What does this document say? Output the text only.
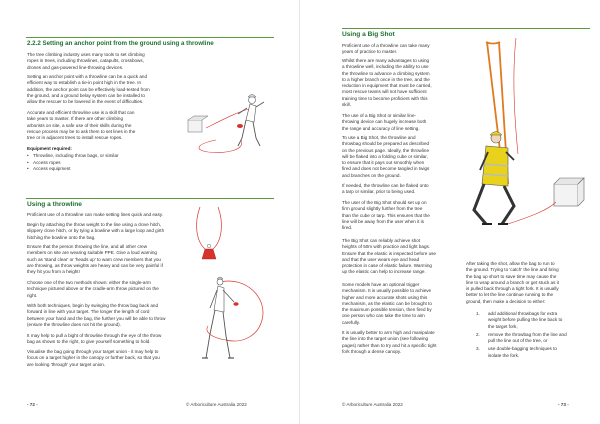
2.2.2 Setting an anchor point from the ground using a throwline
The tree climbing industry uses many tools to set climbing
ropes in trees, including throwlines, catapults, crossbows,
drones and gas-powered line-throwing devices.
Setting an anchor point with a throwline can be a quick and
efficient way to establish a tie-in point high in the tree. In
addition, the anchor point can be effectively load-tested from
the ground, and a ground belay system can be installed to
allow the rescuer to be lowered in the event of difficulties.
Accurate and efficient throwline use is a skill that can
take years to master. If there are other climbing
arborists on site, a safe use of their skills during the
rescue process may be to ask them to set lines in the
tree or in adjacent trees to install rescue ropes.
Equipment required:
• Throwline, including throw bags, or similar
• Access ropes
• Access equipment
Using a throwline
Proficient use of a throwline can make setting lines quick and easy.
Begin by attaching the throw weight to the line using a clove hitch,
slippery clove hitch, or by tying a bowline with a large loop and girth
hitching the bowline onto the bag.
Ensure that the person throwing the line, and all other crew
members on site are wearing suitable PPE. Give a loud warning
such as 'stand clear' or 'heads up' to warn crew members that you
are throwing, as throw weights are heavy and can be very painful if
they hit you from a height!
Choose one of the two methods shown: either the single-arm
technique pictured above or the cradle-arm throw pictured on the
right.
With both techniques, begin by swinging the throw bag back and
forward in line with your target. The longer the length of cord
between your hand and the bag, the further you will be able to throw
(ensure the throwline does not hit the ground).
It may help to pull a bight of throwline through the eye of the throw
bag as shown to the right, to give yourself something to hold.
Visualise the bag going through your target union - it may help to
focus on a target higher in the canopy or further back, so that you
are looking 'through' your target union.
- 72 -	© Arboriculture Australia 2022
Using a Big Shot
Proficient use of a throwline can take many
years of practice to master.
Whilst there are many advantages to using
a throwline well, including the ability to use
the throwline to advance a climbing system
to a higher branch once in the tree, and the
reduction in equipment that must be carried,
most rescue teams will not have sufficient
training time to become proficient with this
skill.
The use of a Big Shot or similar line-
throwing device can hugely increase both
the range and accuracy of line setting.
To use a Big Shot, the throwline and
throwbag should be prepared as described
on the previous page. Ideally, the throwline
will be flaked into a folding cube or similar,
to ensure that it pays out smoothly when
fired and does not become tangled in twigs
and branches on the ground.
If needed, the throwline can be flaked onto
a tarp or similar, prior to being used.
The user of the Big Shot should set up on
firm ground slightly further from the tree
than the cube or tarp. This ensures that the
line will be away from the user when it is
fired.
The Big Shot can reliably achieve shot
heights of 50m with practice and light bags.
Ensure that the elastic is inspected before use
and that the user wears eye and head
protection in case of elastic failure. Warming
up the elastic can help to increase range.
Some models have an optional trigger
mechanism. It is usually possible to achieve
higher and more accurate shots using this
mechanism, as the elastic can be brought to
the maximum possible tension, then fired by
one person who can take the time to aim
carefully.
It is usually better to arm high and manipulate
the line into the target union (see following
pages) rather than to try and hit a specific tight
fork through a dense canopy.
After taking the shot, allow the bag to run to
the ground. Trying to 'catch' the line and bring
the bag up short to save time may cause the
line to wrap around a branch or get stuck as it
is pulled back through a tight fork. It is usually
better to let the line continue running to the
ground, then make a decision to either:
1. add additional throwbags for extra
weight before pulling the line back to
the target fork,
2. remove the throwbag from the line and
pull the line out of the tree, or
3. use double-bagging techniques to
isolate the fork.
© Arboriculture Australia 2022	- 73 -
